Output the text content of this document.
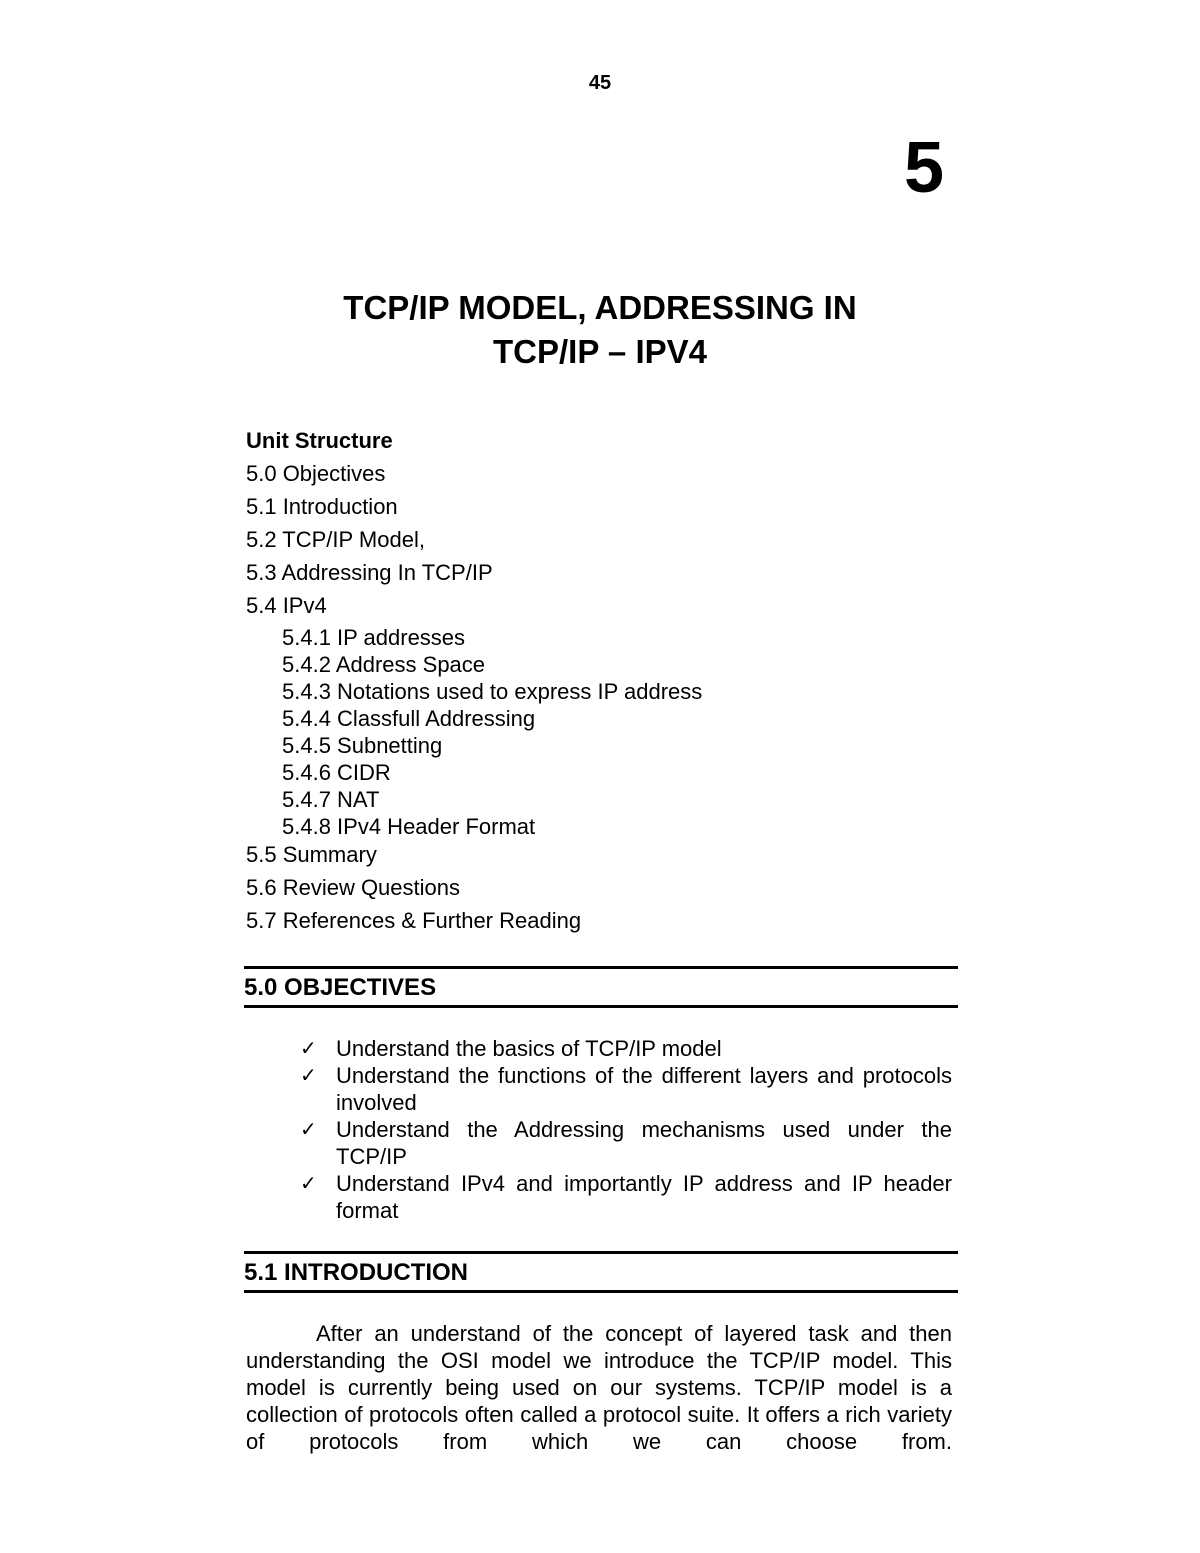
45
5
TCP/IP MODEL, ADDRESSING IN
TCP/IP – IPV4
Unit Structure
5.0 Objectives
5.1 Introduction
5.2 TCP/IP Model,
5.3 Addressing In TCP/IP
5.4 IPv4
5.4.1 IP addresses
5.4.2 Address Space
5.4.3 Notations used to express IP address
5.4.4 Classfull Addressing
5.4.5 Subnetting
5.4.6 CIDR
5.4.7 NAT
5.4.8 IPv4 Header Format
5.5 Summary
5.6 Review Questions
5.7 References & Further Reading
5.0 OBJECTIVES
✓ Understand the basics of TCP/IP model
✓ Understand the functions of the different layers and protocols involved
✓ Understand the Addressing mechanisms used under the TCP/IP
✓ Understand IPv4 and importantly IP address and IP header format
5.1 INTRODUCTION

After an understand of the concept of layered task and then understanding the OSI model we introduce the TCP/IP model. This model is currently being used on our systems. TCP/IP model is a collection of protocols often called a protocol suite. It offers a rich variety of protocols from which we can choose from.
